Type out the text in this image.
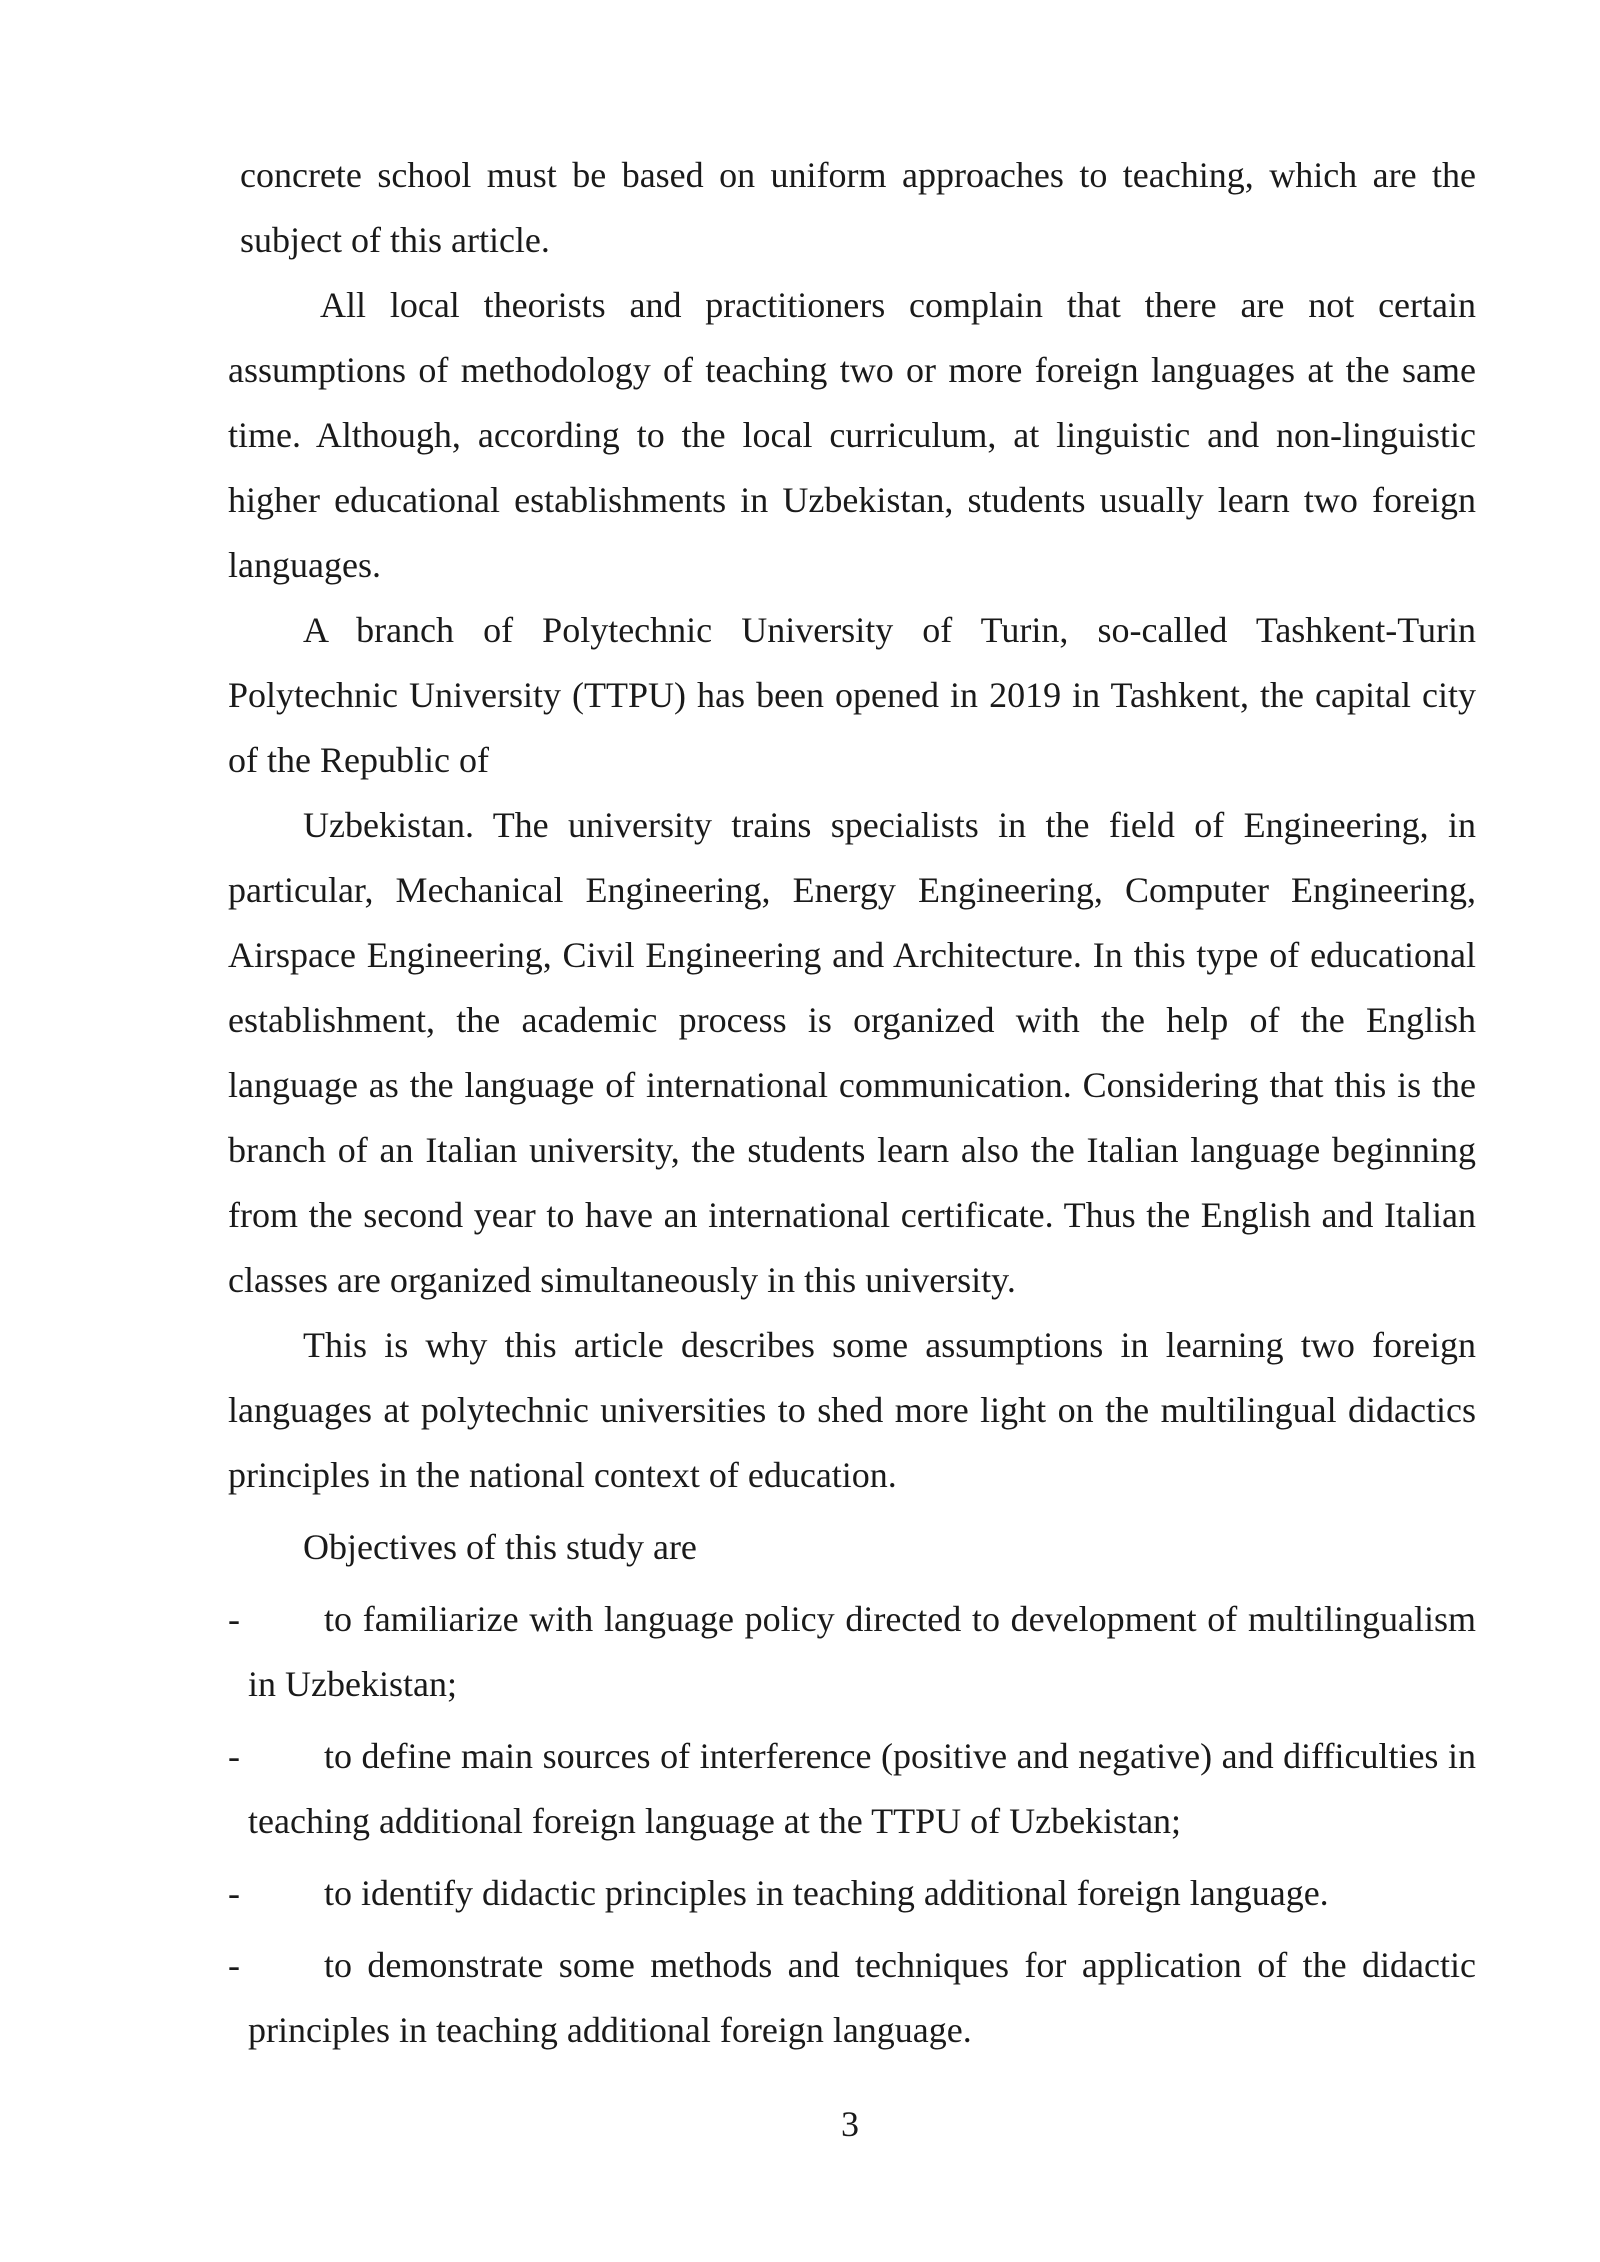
concrete school must be based on uniform approaches to teaching, which are the subject of this article.

All local theorists and practitioners complain that there are not certain assumptions of methodology of teaching two or more foreign languages at the same time. Although, according to the local curriculum, at linguistic and non-linguistic higher educational establishments in Uzbekistan, students usually learn two foreign languages.

A branch of Polytechnic University of Turin, so-called Tashkent-Turin Polytechnic University (TTPU) has been opened in 2019 in Tashkent, the capital city of the Republic of

Uzbekistan. The university trains specialists in the field of Engineering, in particular, Mechanical Engineering, Energy Engineering, Computer Engineering, Airspace Engineering, Civil Engineering and Architecture. In this type of educational establishment, the academic process is organized with the help of the English language as the language of international communication. Considering that this is the branch of an Italian university, the students learn also the Italian language beginning from the second year to have an international certificate. Thus the English and Italian classes are organized simultaneously in this university.

This is why this article describes some assumptions in learning two foreign languages at polytechnic universities to shed more light on the multilingual didactics principles in the national context of education.

Objectives of this study are

-	to familiarize with language policy directed to development of multilingualism in Uzbekistan;
-	to define main sources of interference (positive and negative) and difficulties in teaching additional foreign language at the TTPU of Uzbekistan;
-	to identify didactic principles in teaching additional foreign language.
-	to demonstrate some methods and techniques for application of the didactic principles in teaching additional foreign language.
3
